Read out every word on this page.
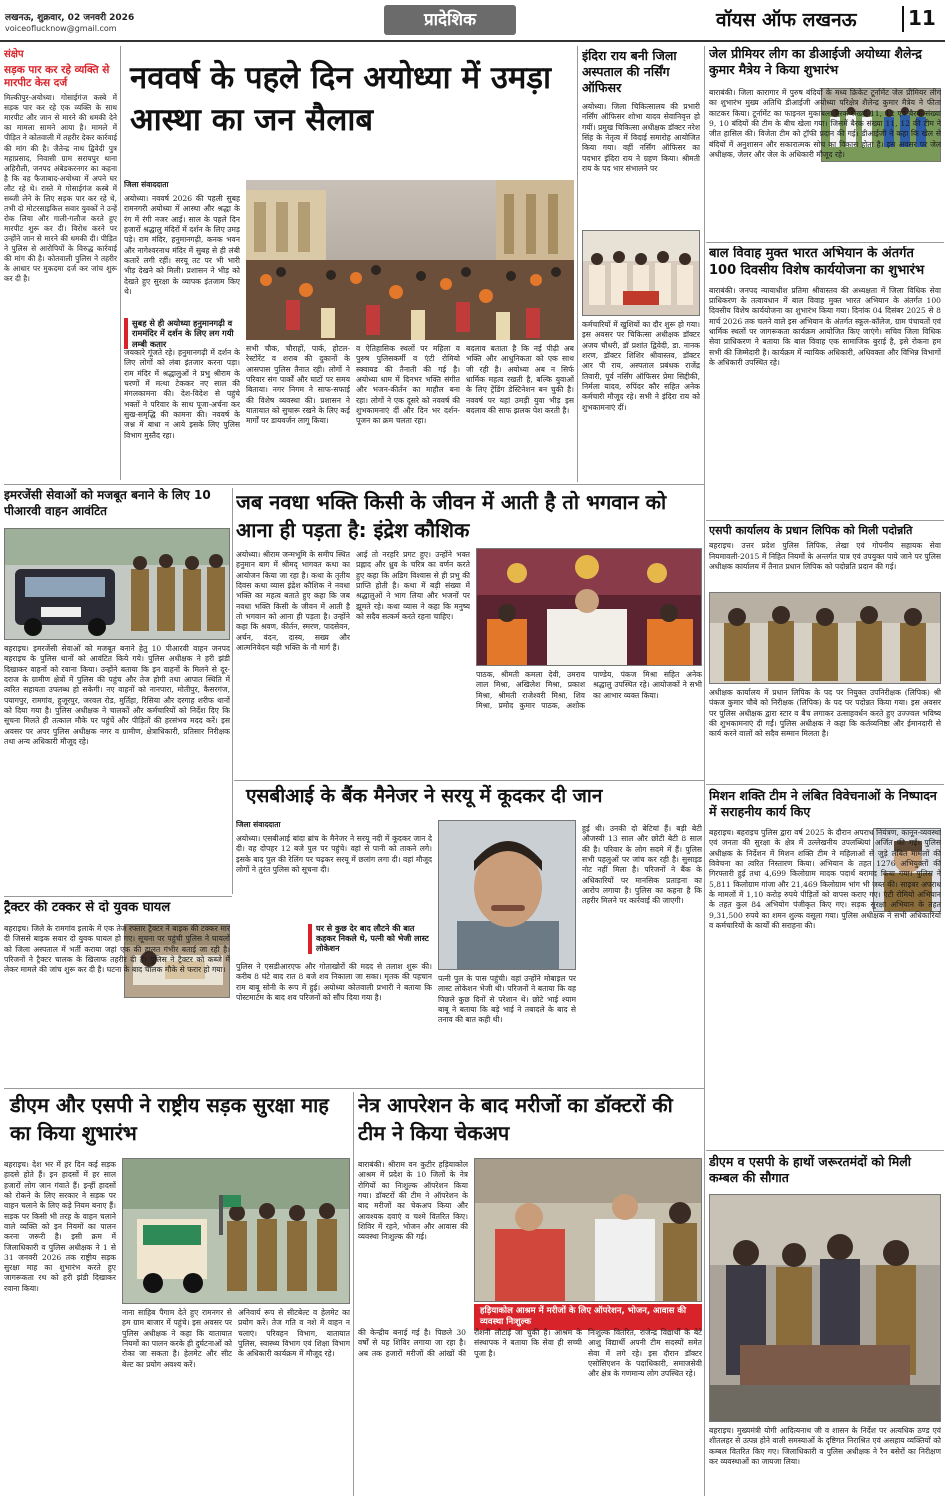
लखनऊ, शुक्रवार, 02 जनवरी 2026
voiceoflucknow@gmail.com	प्रादेशिक	वॉयस ऑफ लखनऊ	11
संक्षेप
सड़क पार कर रहे व्यक्ति से मारपीट केस दर्ज
मिल्कीपुर-अयोध्या। गोसाईगंज कस्बे में सड़क पार कर रहे एक व्यक्ति के साथ मारपीट और जान से मारने की धमकी देने का मामला सामने आया है। मामले में पीड़ित ने कोतवाली में तहरीर देकर कार्रवाई की मांग की है। जैतेन्द्र नाथ द्विवेदी पुत्र महाप्रसाद, निवासी ग्राम सरायपुर थाना अहिरौली, जनपद अंबेडकरनगर का कहना है कि वह फैजाबाद-अयोध्या में अपने घर लौट रहे थे। रास्ते मे गोसाईगंज कस्बे में सब्जी लेने के लिए सड़क पार कर रहे थे, तभी दो मोटरसाइकिल सवार युवकों ने उन्हें रोक लिया और गाली-गलौज करते हुए मारपीट शुरू कर दी। विरोध करने पर उन्होंने जान से मारने की धमकी दी। पीड़ित ने पुलिस से आरोपियों के विरुद्ध कार्रवाई की मांग की है। कोतवाली पुलिस ने तहरीर के आधार पर मुकदमा दर्ज कर जांच शुरू कर दी है।
नववर्ष के पहले दिन अयोध्या में उमड़ा आस्था का जन सैलाब
जिला संवाददाता
अयोध्या। नववर्ष 2026 की पहली सुबह रामनगरी अयोध्या में आस्था और श्रद्धा के रंग में रंगी नजर आई। साल के पहले दिन हजारों श्रद्धालु मंदिरों में दर्शन के लिए उमड़ पड़े। राम मंदिर, हनुमानगढ़ी, कनक भवन और नागेश्वरनाथ मंदिर में सुबह से ही लंबी कतारें लगी रहीं। सरयू तट पर भी भारी भीड़ देखने को मिली। प्रशासन ने भीड़ को देखते हुए सुरक्षा के व्यापक इंतजाम किए थे।
सुबह से ही अयोध्या हनुमानगढ़ी व राममंदिर में दर्शन के लिए लग गयी लम्बी कतार
जयकारे गूंजते रहे। हनुमानगढ़ी में दर्शन के लिए लोगों को लंबा इंतजार करना पड़ा। राम मंदिर में श्रद्धालुओं ने प्रभु श्रीराम के चरणों में मत्था टेककर नए साल की मंगलकामना की। देश-विदेश से पहुंचे भक्तों ने परिवार के साथ पूजा-अर्चना कर सुख-समृद्धि की कामना की। नववर्ष के जश्न में बाधा न आये इसके लिए पुलिस विभाग मुस्तैद रहा।
सभी चौक, चौराहों, पार्क, होटल-रेस्टोरेंट व शराब की दुकानों के आसपास पुलिस तैनात रही। लोगों ने परिवार संग पार्कों और घाटों पर समय बिताया। नगर निगम ने साफ-सफाई की विशेष व्यवस्था की। प्रशासन ने यातायात को सुचारू रखने के लिए कई मार्गों पर डायवर्जन लागू किया।
व ऐतिहासिक स्थलों पर महिला व पुरुष पुलिसकर्मी व एंटी रोमियो स्क्वायड की तैनाती की गई है। अयोध्या धाम में दिनभर भक्ति संगीत और भजन-कीर्तन का माहौल बना रहा। लोगों ने एक दूसरे को नववर्ष की शुभकामनाएं दीं और दिन भर दर्शन-पूजन का क्रम चलता रहा।
बदलाव बताता है कि नई पीढ़ी अब भक्ति और आधुनिकता को एक साथ जी रही है। अयोध्या अब न सिर्फ धार्मिक महत्व रखती है, बल्कि युवाओं के लिए ट्रेंडिंग डेस्टिनेशन बन चुकी है। नववर्ष पर यहां उमड़ी युवा भीड़ इस बदलाव की साफ झलक पेश करती है।
इंदिरा राय बनी जिला अस्पताल की नर्सिंग ऑफिसर
अयोध्या। जिला चिकित्सालय की प्रभारी नर्सिंग ऑफिसर शोभा यादव सेवानिवृत्त हो गयीं। प्रमुख चिकित्सा अधीक्षक डॉक्टर नरेश सिंह के नेतृत्व में विदाई समारोह आयोजित किया गया। वहीं नर्सिंग ऑफिसर का पदभार इंदिरा राय ने ग्रहण किया। श्रीमती राय के पद भार संभालने पर
कर्मचारियों में खुशियों का दौर शुरू हो गया। इस अवसर पर चिकित्सा अधीक्षक डॉक्टर अजय चौधरी, डॉ प्रशांत द्विवेदी, डा. नानक शरण, डॉक्टर शिशिर श्रीवास्तव, डॉक्टर आर पी राय, अस्पताल प्रबंधक राजेंद्र तिवारी, पूर्व नर्सिंग ऑफिसर प्रेमा सिद्दीकी, निर्मला यादव, रुपिंदर कौर सहित अनेक कर्मचारी मौजूद रहे। सभी ने इंदिरा राय को शुभकामनाएं दीं।
जेल प्रीमियर लीग का डीआईजी अयोध्या शैलेन्द्र कुमार मैत्रेय ने किया शुभारंभ
बाराबंकी। जिला कारागार में पुरुष बंदियों के मध्य क्रिकेट टूर्नामेंट जेल प्रीमियर लीग का शुभारंभ मुख्य अतिथि डीआईजी अयोध्या परिक्षेत्र शैलेन्द्र कुमार मैत्रेय ने फीता काटकर किया। टूर्नामेंट का फाइनल मुकाबला बैरक संख्या 11, 12 एवं बैरक संख्या 9, 10 बंदियों की टीम के बीच खेला गया। जिसमें बैरक संख्या 11, 12 की टीम ने जीत हासिल की। विजेता टीम को ट्रॉफी प्रदान की गई। डीआईजी ने कहा कि खेल से बंदियों में अनुशासन और सकारात्मक सोच का विकास होता है। इस अवसर पर जेल अधीक्षक, जेलर और जेल के अधिकारी मौजूद रहे।
बाल विवाह मुक्त भारत अभियान के अंतर्गत 100 दिवसीय विशेष कार्ययोजना का शुभारंभ
बाराबंकी। जनपद न्यायाधीश प्रतिमा श्रीवास्तव की अध्यक्षता में जिला विधिक सेवा प्राधिकरण के तत्वावधान में बाल विवाह मुक्त भारत अभियान के अंतर्गत 100 दिवसीय विशेष कार्ययोजना का शुभारंभ किया गया। दिनांक 04 दिसंबर 2025 से 8 मार्च 2026 तक चलने वाले इस अभियान के अंतर्गत स्कूल-कॉलेज, ग्राम पंचायतों एवं धार्मिक स्थलों पर जागरूकता कार्यक्रम आयोजित किए जाएंगे। सचिव जिला विधिक सेवा प्राधिकरण ने बताया कि बाल विवाह एक सामाजिक बुराई है, इसे रोकना हम सभी की जिम्मेदारी है। कार्यक्रम में न्यायिक अधिकारी, अधिवक्ता और विभिन्न विभागों के अधिकारी उपस्थित रहे।
एसपी कार्यालय के प्रधान लिपिक को मिली पदोन्नति
बहराइच। उत्तर प्रदेश पुलिस लिपिक, लेखा एवं गोपनीय सहायक सेवा नियमावली-2015 में निहित नियमों के अन्तर्गत पात्र एवं उपयुक्त पाये जाने पर पुलिस अधीक्षक कार्यालय में तैनात प्रधान लिपिक को पदोन्नति प्रदान की गई।
अधीक्षक कार्यालय में प्रधान लिपिक के पद पर नियुक्त उपनिरीक्षक (लिपिक) श्री पंकज कुमार चौबे को निरीक्षक (लिपिक) के पद पर पदोन्नत किया गया। इस अवसर पर पुलिस अधीक्षक द्वारा स्टार व बैच लगाकर उत्साहवर्धन करते हुए उज्ज्वल भविष्य की शुभकामनाएं दी गईं। पुलिस अधीक्षक ने कहा कि कर्तव्यनिष्ठा और ईमानदारी से कार्य करने वालों को सदैव सम्मान मिलता है।
मिशन शक्ति टीम ने लंबित विवेचनाओं के निष्पादन में सराहनीय कार्य किए
बहराइच। बहराइच पुलिस द्वारा वर्ष 2025 के दौरान अपराध नियंत्रण, कानून-व्यवस्था एवं जनता की सुरक्षा के क्षेत्र में उल्लेखनीय उपलब्धियां अर्जित की गईं। पुलिस अधीक्षक के निर्देशन में मिशन शक्ति टीम ने महिलाओं से जुड़े लंबित मामलों की विवेचना का त्वरित निस्तारण किया। अभियान के तहत 1276 अभियुक्तों की गिरफ्तारी हुई तथा 4,699 किलोग्राम मादक पदार्थ बरामद किया गया। पुलिस ने 5,811 किलोग्राम गांजा और 21,469 किलोग्राम भांग भी जब्त की। साइबर अपराध के मामलों में 1,10 करोड़ रुपये पीड़ितों को वापस कराए गए। एंटी रोमियो अभियान के तहत कुल 84 अभियोग पंजीकृत किए गए। सड़क सुरक्षा अभियान के तहत 9,31,500 रुपये का शमन शुल्क वसूला गया। पुलिस अधीक्षक ने सभी अधिकारियों व कर्मचारियों के कार्यों की सराहना की।
डीएम व एसपी के हाथों जरूरतमंदों को मिली कम्बल की सौगात
बहराइच। मुख्यमंत्री योगी आदित्यनाथ जी व शासन के निर्देश पर अत्यधिक ठण्ड एवं शीतलहर से उत्पन्न होने वाली समस्याओं के दृष्टिगत निराश्रित एवं असहाय व्यक्तियों को कम्बल वितरित किए गए। जिलाधिकारी व पुलिस अधीक्षक ने रैन बसेरों का निरीक्षण कर व्यवस्थाओं का जायजा लिया।
इमरजेंसी सेवाओं को मजबूत बनाने के लिए 10 पीआरवी वाहन आवंटित
बहराइच। इमरजेंसी सेवाओं को मजबूत बनाने हेतु 10 पीआरवी वाहन जनपद बहराइच के पुलिस थानों को आवंटित किये गये। पुलिस अधीक्षक ने हरी झंडी दिखाकर वाहनों को रवाना किया। उन्होंने बताया कि इन वाहनों के मिलने से दूर-दराज के ग्रामीण क्षेत्रों में पुलिस की पहुंच और तेज होगी तथा आपात स्थिति में त्वरित सहायता उपलब्ध हो सकेगी। नए वाहनों को नानपारा, मोतीपुर, कैसरगंज, पयागपुर, रामगांव, हुजूरपुर, जरवल रोड, मुर्तिहा, रिसिया और दरगाह शरीफ थानों को दिया गया है। पुलिस अधीक्षक ने चालकों और कर्मचारियों को निर्देश दिए कि सूचना मिलते ही तत्काल मौके पर पहुंचें और पीड़ितों की हरसंभव मदद करें। इस अवसर पर अपर पुलिस अधीक्षक नगर व ग्रामीण, क्षेत्राधिकारी, प्रतिसार निरीक्षक तथा अन्य अधिकारी मौजूद रहे।
जब नवधा भक्ति किसी के जीवन में आती है तो भगवान को आना ही पड़ता है: इंद्रेश कौशिक
अयोध्या। श्रीराम जन्मभूमि के समीप स्थित हनुमान बाग में श्रीमद् भागवत कथा का आयोजन किया जा रहा है। कथा के तृतीय दिवस कथा व्यास इंद्रेश कौशिक ने नवधा भक्ति का महत्व बताते हुए कहा कि जब नवधा भक्ति किसी के जीवन में आती है तो भगवान को आना ही पड़ता है। उन्होंने कहा कि श्रवण, कीर्तन, स्मरण, पादसेवन, अर्चन, वंदन, दास्य, सख्य और आत्मनिवेदन यही भक्ति के नौ मार्ग हैं।
आई तो नरहरि प्रगट हुए। उन्होंने भक्त प्रह्लाद और ध्रुव के चरित्र का वर्णन करते हुए कहा कि अडिग विश्वास से ही प्रभु की प्राप्ति होती है। कथा में बड़ी संख्या में श्रद्धालुओं ने भाग लिया और भजनों पर झूमते रहे। कथा व्यास ने कहा कि मनुष्य को सदैव सत्कर्म करते रहना चाहिए।
पाठक, श्रीमती कमला देवी, उमराव लाल मिश्रा, अखिलेश मिश्रा, प्रकाश मिश्रा, श्रीमती राजेश्वरी मिश्रा, शिव मिश्रा, प्रमोद कुमार पाठक, अशोक पाण्डेय, पंकज मिश्रा सहित अनेक श्रद्धालु उपस्थित रहे। आयोजकों ने सभी का आभार व्यक्त किया।
एसबीआई के बैंक मैनेजर ने सरयू में कूदकर दी जान
जिला संवाददाता
अयोध्या। एसबीआई बांदा ब्रांच के मैनेजर ने सरयू नदी में कूदकर जान दे दी। वह दोपहर 12 बजे पुल पर पहुंचे। वहां से पानी को ताकने लगे। इसके बाद पुल की रेलिंग पर चढ़कर सरयू में छलांग लगा दी। वहां मौजूद लोगों ने तुरंत पुलिस को सूचना दी।
घर से कुछ देर बाद लौटने की बात कहकर निकले थे, पत्नी को भेजी लास्ट लोकेशन
पुलिस ने एसडीआरएफ और गोताखोरों की मदद से तलाश शुरू की। करीब 8 घंटे बाद रात 8 बजे शव निकाला जा सका। मृतक की पहचान राम बाबू सोनी के रूप में हुई। अयोध्या कोतवाली प्रभारी ने बताया कि पोस्टमार्टम के बाद शव परिजनों को सौंप दिया गया है।
पत्नी पुल के पास पहुंची। वहां उन्होंने मोबाइल पर लास्ट लोकेशन भेजी थी। परिजनों ने बताया कि वह पिछले कुछ दिनों से परेशान थे। छोटे भाई श्याम बाबू ने बताया कि बड़े भाई ने तबादले के बाद से तनाव की बात कही थी।
हुई थी। उनकी दो बेटियां हैं। बड़ी बेटी औजस्वी 13 साल और छोटी बेटी 8 साल की है। परिवार के लोग सदमे में हैं। पुलिस सभी पहलुओं पर जांच कर रही है। सुसाइड नोट नहीं मिला है। परिजनों ने बैंक के अधिकारियों पर मानसिक प्रताड़ना का आरोप लगाया है। पुलिस का कहना है कि तहरीर मिलने पर कार्रवाई की जाएगी।
ट्रैक्टर की टक्कर से दो युवक घायल
बहराइच। जिले के रामगांव इलाके में एक तेज रफ्तार ट्रैक्टर ने बाइक की टक्कर मार दी जिससे बाइक सवार दो युवक घायल हो गए। सूचना पर पहुंची पुलिस ने घायलों को जिला अस्पताल में भर्ती कराया जहां एक की हालत गंभीर बताई जा रही है। परिजनों ने ट्रैक्टर चालक के खिलाफ तहरीर दी है। पुलिस ने ट्रैक्टर को कब्जे में लेकर मामले की जांच शुरू कर दी है। घटना के बाद चालक मौके से फरार हो गया।
डीएम और एसपी ने राष्ट्रीय सड़क सुरक्षा माह का किया शुभारंभ
बहराइच। देश भर में हर दिन कई सड़क हादसे होते हैं। इन हादसों में हर साल हजारों लोग जान गंवाते हैं। इन्हीं हादसों को रोकने के लिए सरकार ने सड़क पर वाहन चलाने के लिए कड़े नियम बनाए हैं। सड़क पर किसी भी तरह के वाहन चलाने वाले व्यक्ति को इन नियमों का पालन करना जरूरी है। इसी क्रम में जिलाधिकारी व पुलिस अधीक्षक ने 1 से 31 जनवरी 2026 तक राष्ट्रीय सड़क सुरक्षा माह का शुभारंभ करते हुए जागरूकता रथ को हरी झंडी दिखाकर रवाना किया।
नाना साहिब पैगाम देते हुए रामनगर से हम ग्राम बाजार में पहुंचे। इस अवसर पर पुलिस अधीक्षक ने कहा कि यातायात नियमों का पालन करके ही दुर्घटनाओं को रोका जा सकता है। हेलमेट और सीट बेल्ट का प्रयोग अवश्य करें।
अनिवार्य रूप से सीटबेल्ट व हेलमेट का प्रयोग करें। तेज गति व नशे में वाहन न चलाएं। परिवहन विभाग, यातायात पुलिस, स्वास्थ्य विभाग एवं शिक्षा विभाग के अधिकारी कार्यक्रम में मौजूद रहे।
नेत्र आपरेशन के बाद मरीजों का डॉक्टरों की टीम ने किया चेकअप
बाराबंकी। श्रीराम वन कुटीर हड़ियाकोल आश्रम में प्रदेश के 10 जिलों के नेत्र रोगियों का निःशुल्क ऑपरेशन किया गया। डॉक्टरों की टीम ने ऑपरेशन के बाद मरीजों का चेकअप किया और आवश्यक दवाएं व चश्मे वितरित किए। शिविर में रहने, भोजन और आवास की व्यवस्था निःशुल्क की गई।
हड़ियाकोल आश्रम में मरीजों के लिए ऑपरेशन, भोजन, आवास की व्यवस्था निःशुल्क
की केन्द्रीय बनाई गई है। पिछले 30 वर्षों से यह शिविर लगाया जा रहा है। अब तक हजारों मरीजों की आंखों की रोशनी लौटाई जा चुकी है। आश्रम के संस्थापक ने बताया कि सेवा ही सच्ची पूजा है।
निःशुल्क वितरित, राजेन्द्र विद्यार्थी के बेटे आशु विद्यार्थी अपनी टीम सदस्यों समेत सेवा में लगे रहे। इस दौरान डॉक्टर एसोसिएशन के पदाधिकारी, समाजसेवी और क्षेत्र के गणमान्य लोग उपस्थित रहे।
